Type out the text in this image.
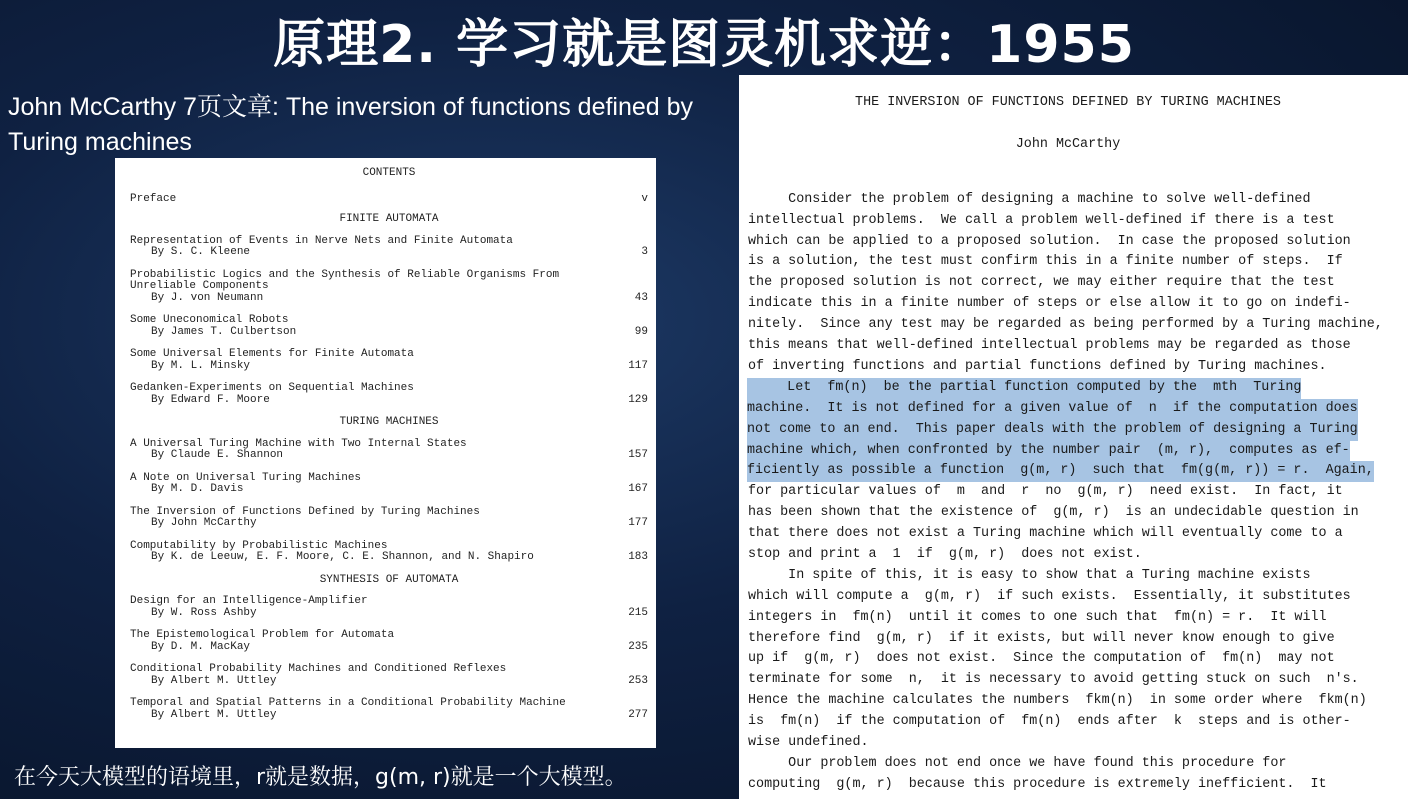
原理2. 学习就是图灵机求逆：1955
John McCarthy 7页文章: The inversion of functions defined by Turing machines
CONTENTS
Preface	v
FINITE AUTOMATA
Representation of Events in Nerve Nets and Finite Automata
By S. C. Kleene	3
Probabilistic Logics and the Synthesis of Reliable Organisms From
Unreliable Components
By J. von Neumann	43
Some Uneconomical Robots
By James T. Culbertson	99
Some Universal Elements for Finite Automata
By M. L. Minsky	117
Gedanken-Experiments on Sequential Machines
By Edward F. Moore	129
TURING MACHINES
A Universal Turing Machine with Two Internal States
By Claude E. Shannon	157
A Note on Universal Turing Machines
By M. D. Davis	167
The Inversion of Functions Defined by Turing Machines
By John McCarthy	177
Computability by Probabilistic Machines
By K. de Leeuw, E. F. Moore, C. E. Shannon, and N. Shapiro	183
SYNTHESIS OF AUTOMATA
Design for an Intelligence-Amplifier
By W. Ross Ashby	215
The Epistemological Problem for Automata
By D. M. MacKay	235
Conditional Probability Machines and Conditioned Reflexes
By Albert M. Uttley	253
Temporal and Spatial Patterns in a Conditional Probability Machine
By Albert M. Uttley	277
THE INVERSION OF FUNCTIONS DEFINED BY TURING MACHINES
John McCarthy
Consider the problem of designing a machine to solve well-defined
intellectual problems.  We call a problem well-defined if there is a test
which can be applied to a proposed solution.  In case the proposed solution
is a solution, the test must confirm this in a finite number of steps.  If
the proposed solution is not correct, we may either require that the test
indicate this in a finite number of steps or else allow it to go on indefi-
nitely.  Since any test may be regarded as being performed by a Turing machine,
this means that well-defined intellectual problems may be regarded as those
of inverting functions and partial functions defined by Turing machines.
Let  fm(n)  be the partial function computed by the  mth  Turing
machine.  It is not defined for a given value of  n  if the computation does
not come to an end.  This paper deals with the problem of designing a Turing
machine which, when confronted by the number pair  (m, r),  computes as ef-
ficiently as possible a function  g(m, r)  such that  fm(g(m, r)) = r.  Again,
for particular values of  m  and  r  no  g(m, r)  need exist.  In fact, it
has been shown that the existence of  g(m, r)  is an undecidable question in
that there does not exist a Turing machine which will eventually come to a
stop and print a  1  if  g(m, r)  does not exist.
In spite of this, it is easy to show that a Turing machine exists
which will compute a  g(m, r)  if such exists.  Essentially, it substitutes
integers in  fm(n)  until it comes to one such that  fm(n) = r.  It will
therefore find  g(m, r)  if it exists, but will never know enough to give
up if  g(m, r)  does not exist.  Since the computation of  fm(n)  may not
terminate for some  n,  it is necessary to avoid getting stuck on such  n's.
Hence the machine calculates the numbers  fkm(n)  in some order where  fkm(n)
is  fm(n)  if the computation of  fm(n)  ends after  k  steps and is other-
wise undefined.
Our problem does not end once we have found this procedure for
computing  g(m, r)  because this procedure is extremely inefficient.  It
在今天大模型的语境里，r就是数据，g(m, r)就是一个大模型。
